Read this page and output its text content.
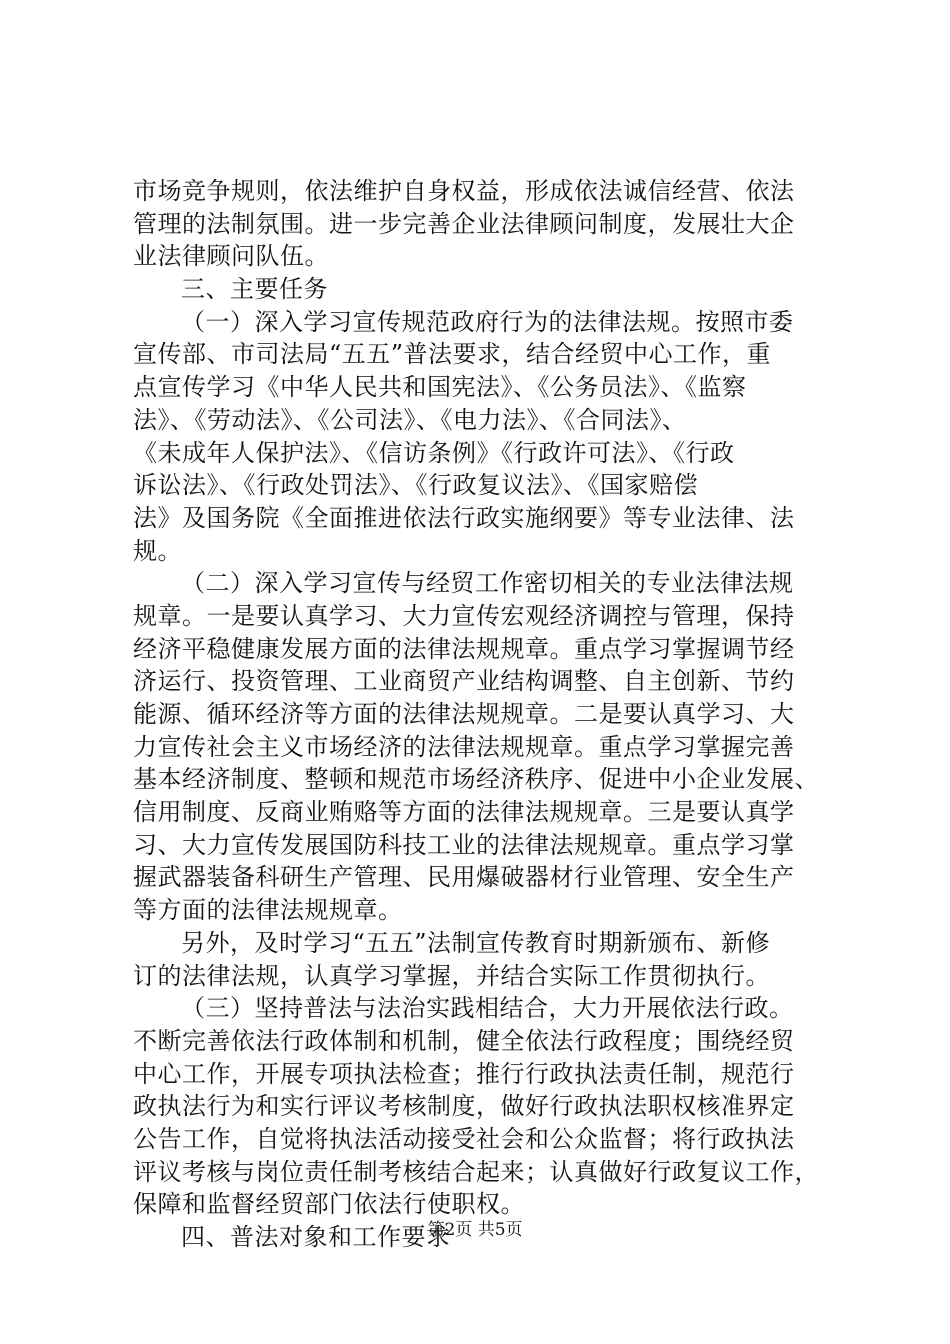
市场竞争规则，依法维护自身权益，形成依法诚信经营、依法
管理的法制氛围。进一步完善企业法律顾问制度，发展壮大企
业法律顾问队伍。
三、主要任务
（一）深入学习宣传规范政府行为的法律法规。按照市委
宣传部、市司法局“五五”普法要求，结合经贸中心工作，重
点宣传学习《中华人民共和国宪法》、《公务员法》、《监察
法》、《劳动法》、《公司法》、《电力法》、《合同法》、
《未成年人保护法》、《信访条例》《行政许可法》、《行政
诉讼法》、《行政处罚法》、《行政复议法》、《国家赔偿
法》及国务院《全面推进依法行政实施纲要》等专业法律、法
规。
（二）深入学习宣传与经贸工作密切相关的专业法律法规
规章。一是要认真学习、大力宣传宏观经济调控与管理，保持
经济平稳健康发展方面的法律法规规章。重点学习掌握调节经
济运行、投资管理、工业商贸产业结构调整、自主创新、节约
能源、循环经济等方面的法律法规规章。二是要认真学习、大
力宣传社会主义市场经济的法律法规规章。重点学习掌握完善
基本经济制度、整顿和规范市场经济秩序、促进中小企业发展、
信用制度、反商业贿赂等方面的法律法规规章。三是要认真学
习、大力宣传发展国防科技工业的法律法规规章。重点学习掌
握武器装备科研生产管理、民用爆破器材行业管理、安全生产
等方面的法律法规规章。
另外，及时学习“五五”法制宣传教育时期新颁布、新修
订的法律法规，认真学习掌握，并结合实际工作贯彻执行。
（三）坚持普法与法治实践相结合，大力开展依法行政。
不断完善依法行政体制和机制，健全依法行政程度；围绕经贸
中心工作，开展专项执法检查；推行行政执法责任制，规范行
政执法行为和实行评议考核制度，做好行政执法职权核准界定
公告工作，自觉将执法活动接受社会和公众监督；将行政执法
评议考核与岗位责任制考核结合起来；认真做好行政复议工作，
保障和监督经贸部门依法行使职权。
四、普法对象和工作要求
第2页 共5页
